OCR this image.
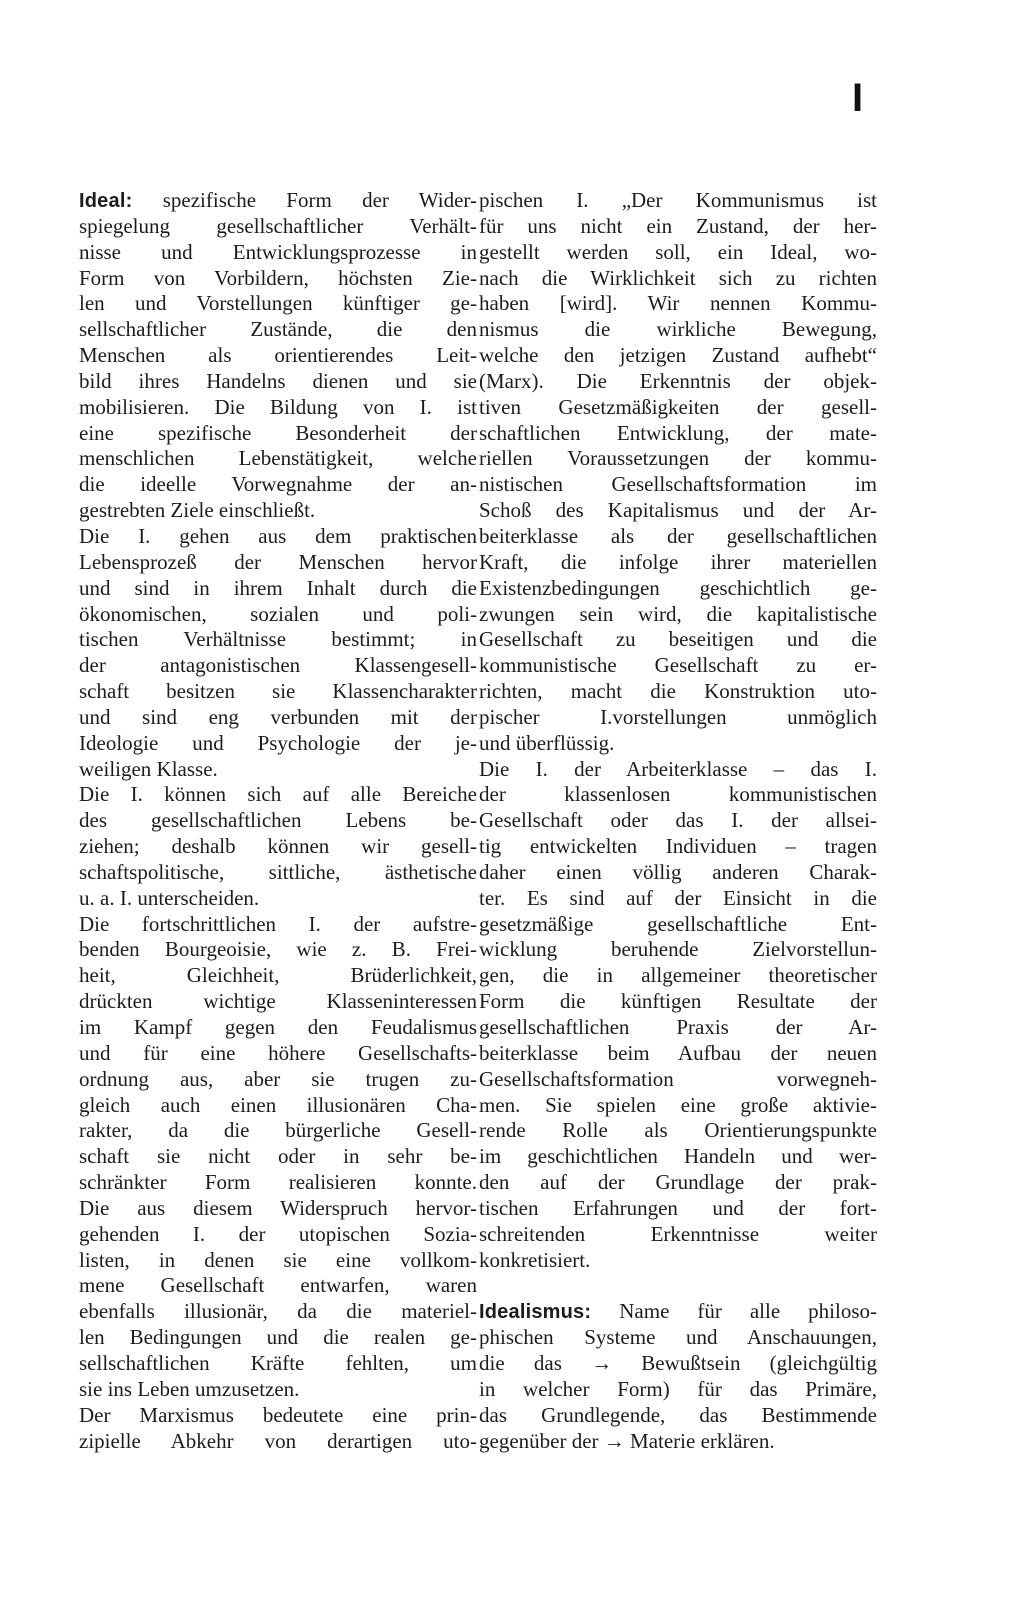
I
Ideal: spezifische Form der Wider-
spiegelung gesellschaftlicher Verhält-
nisse und Entwicklungsprozesse in
Form von Vorbildern, höchsten Zie-
len und Vorstellungen künftiger ge-
sellschaftlicher Zustände, die den
Menschen als orientierendes Leit-
bild ihres Handelns dienen und sie
mobilisieren. Die Bildung von I. ist
eine spezifische Besonderheit der
menschlichen Lebenstätigkeit, welche
die ideelle Vorwegnahme der an-
gestrebten Ziele einschließt.
Die I. gehen aus dem praktischen
Lebensprozeß der Menschen hervor
und sind in ihrem Inhalt durch die
ökonomischen, sozialen und poli-
tischen Verhältnisse bestimmt; in
der antagonistischen Klassengesell-
schaft besitzen sie Klassencharakter
und sind eng verbunden mit der
Ideologie und Psychologie der je-
weiligen Klasse.
Die I. können sich auf alle Bereiche
des gesellschaftlichen Lebens be-
ziehen; deshalb können wir gesell-
schaftspolitische, sittliche, ästhetische
u. a. I. unterscheiden.
Die fortschrittlichen I. der aufstre-
benden Bourgeoisie, wie z. B. Frei-
heit, Gleichheit, Brüderlichkeit,
drückten wichtige Klasseninteressen
im Kampf gegen den Feudalismus
und für eine höhere Gesellschafts-
ordnung aus, aber sie trugen zu-
gleich auch einen illusionären Cha-
rakter, da die bürgerliche Gesell-
schaft sie nicht oder in sehr be-
schränkter Form realisieren konnte.
Die aus diesem Widerspruch hervor-
gehenden I. der utopischen Sozia-
listen, in denen sie eine vollkom-
mene Gesellschaft entwarfen, waren
ebenfalls illusionär, da die materiel-
len Bedingungen und die realen ge-
sellschaftlichen Kräfte fehlten, um
sie ins Leben umzusetzen.
Der Marxismus bedeutete eine prin-
zipielle Abkehr von derartigen uto-
pischen I. „Der Kommunismus ist
für uns nicht ein Zustand, der her-
gestellt werden soll, ein Ideal, wo-
nach die Wirklichkeit sich zu richten
haben [wird]. Wir nennen Kommu-
nismus die wirkliche Bewegung,
welche den jetzigen Zustand aufhebt“
(Marx). Die Erkenntnis der objek-
tiven Gesetzmäßigkeiten der gesell-
schaftlichen Entwicklung, der mate-
riellen Voraussetzungen der kommu-
nistischen Gesellschaftsformation im
Schoß des Kapitalismus und der Ar-
beiterklasse als der gesellschaftlichen
Kraft, die infolge ihrer materiellen
Existenzbedingungen geschichtlich ge-
zwungen sein wird, die kapitalistische
Gesellschaft zu beseitigen und die
kommunistische Gesellschaft zu er-
richten, macht die Konstruktion uto-
pischer I.vorstellungen unmöglich
und überflüssig.
Die I. der Arbeiterklasse – das I.
der klassenlosen kommunistischen
Gesellschaft oder das I. der allsei-
tig entwickelten Individuen – tragen
daher einen völlig anderen Charak-
ter. Es sind auf der Einsicht in die
gesetzmäßige gesellschaftliche Ent-
wicklung beruhende Zielvorstellun-
gen, die in allgemeiner theoretischer
Form die künftigen Resultate der
gesellschaftlichen Praxis der Ar-
beiterklasse beim Aufbau der neuen
Gesellschaftsformation vorwegneh-
men. Sie spielen eine große aktivie-
rende Rolle als Orientierungspunkte
im geschichtlichen Handeln und wer-
den auf der Grundlage der prak-
tischen Erfahrungen und der fort-
schreitenden Erkenntnisse weiter
konkretisiert.
Idealismus: Name für alle philoso-
phischen Systeme und Anschauungen,
die das → Bewußtsein (gleichgültig
in welcher Form) für das Primäre,
das Grundlegende, das Bestimmende
gegenüber der → Materie erklären.
